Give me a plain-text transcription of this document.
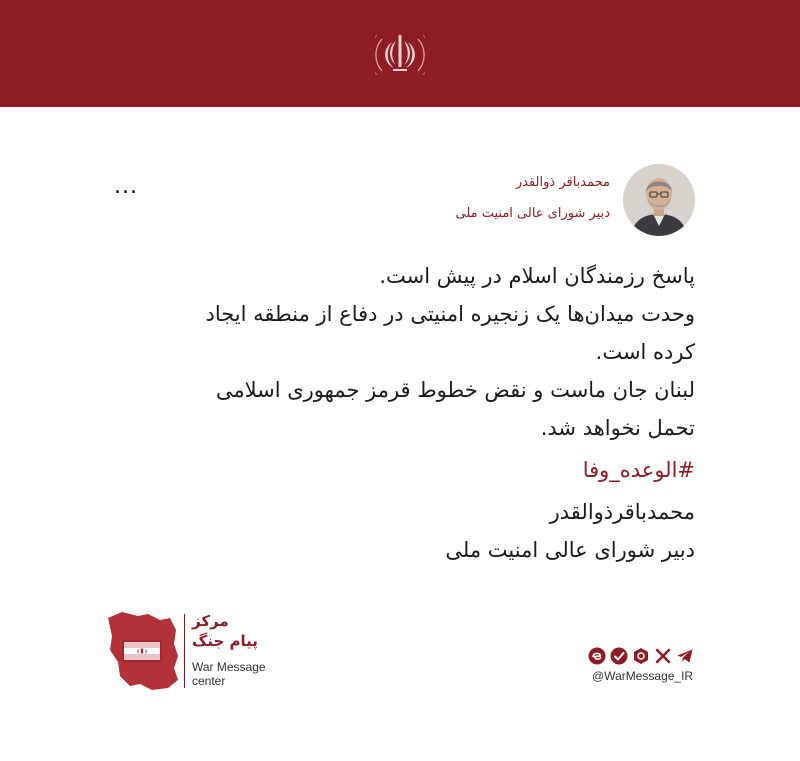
...	محمدباقر ذوالقدر
دبیر شورای عالی امنیت ملی
پاسخ رزمندگان اسلام در پیش است.
وحدت میدان‌ها یک زنجیره امنیتی در دفاع از منطقه ایجاد
کرده است.
لبنان جان ماست و نقض خطوط قرمز جمهوری اسلامی
تحمل نخواهد شد.
#الوعده_وفا
محمدباقرذوالقدر
دبیر شورای عالی امنیت ملی
مرکز
پیام جنگ
War Message
center	@WarMessage_IR
